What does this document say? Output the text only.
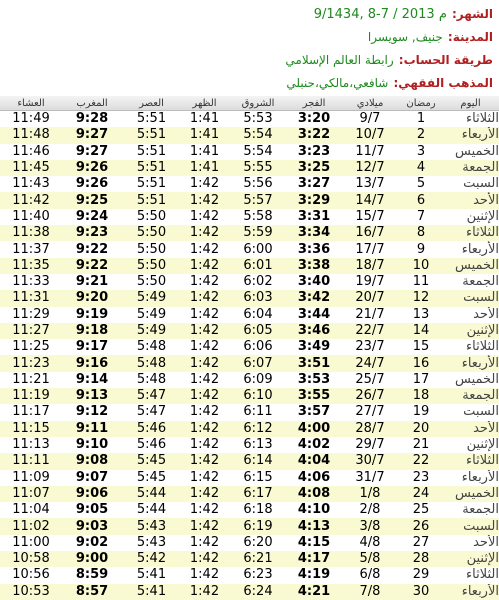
الشهر: 9/1434, 8-7 / 2013 م
المدينة: جنيف, سويسرا
طريقة الحساب: رابطة العالم الإسلامي
المذهب الفقهي: شافعي،مالكي،حنبلي
اليوم	رمضان	ميلادي	الفجر	الشروق	الظهر	العصر	المغرب	العشاء
الثلاثاء	1	9/7	3:20	5:53	1:41	5:51	9:28	11:49
الأربعاء	2	10/7	3:22	5:54	1:41	5:51	9:27	11:48
الخميس	3	11/7	3:23	5:54	1:41	5:51	9:27	11:46
الجمعة	4	12/7	3:25	5:55	1:41	5:51	9:26	11:45
السبت	5	13/7	3:27	5:56	1:42	5:51	9:26	11:43
الأحد	6	14/7	3:29	5:57	1:42	5:51	9:25	11:42
الإثنين	7	15/7	3:31	5:58	1:42	5:50	9:24	11:40
الثلاثاء	8	16/7	3:34	5:59	1:42	5:50	9:23	11:38
الأربعاء	9	17/7	3:36	6:00	1:42	5:50	9:22	11:37
الخميس	10	18/7	3:38	6:01	1:42	5:50	9:22	11:35
الجمعة	11	19/7	3:40	6:02	1:42	5:50	9:21	11:33
السبت	12	20/7	3:42	6:03	1:42	5:49	9:20	11:31
الأحد	13	21/7	3:44	6:04	1:42	5:49	9:19	11:29
الإثنين	14	22/7	3:46	6:05	1:42	5:49	9:18	11:27
الثلاثاء	15	23/7	3:49	6:06	1:42	5:48	9:17	11:25
الأربعاء	16	24/7	3:51	6:07	1:42	5:48	9:16	11:23
الخميس	17	25/7	3:53	6:09	1:42	5:48	9:14	11:21
الجمعة	18	26/7	3:55	6:10	1:42	5:47	9:13	11:19
السبت	19	27/7	3:57	6:11	1:42	5:47	9:12	11:17
الأحد	20	28/7	4:00	6:12	1:42	5:46	9:11	11:15
الإثنين	21	29/7	4:02	6:13	1:42	5:46	9:10	11:13
الثلاثاء	22	30/7	4:04	6:14	1:42	5:45	9:08	11:11
الأربعاء	23	31/7	4:06	6:15	1:42	5:45	9:07	11:09
الخميس	24	1/8	4:08	6:17	1:42	5:44	9:06	11:07
الجمعة	25	2/8	4:10	6:18	1:42	5:44	9:05	11:04
السبت	26	3/8	4:13	6:19	1:42	5:43	9:03	11:02
الأحد	27	4/8	4:15	6:20	1:42	5:43	9:02	11:00
الإثنين	28	5/8	4:17	6:21	1:42	5:42	9:00	10:58
الثلاثاء	29	6/8	4:19	6:23	1:42	5:41	8:59	10:56
الأربعاء	30	7/8	4:21	6:24	1:42	5:41	8:57	10:53
